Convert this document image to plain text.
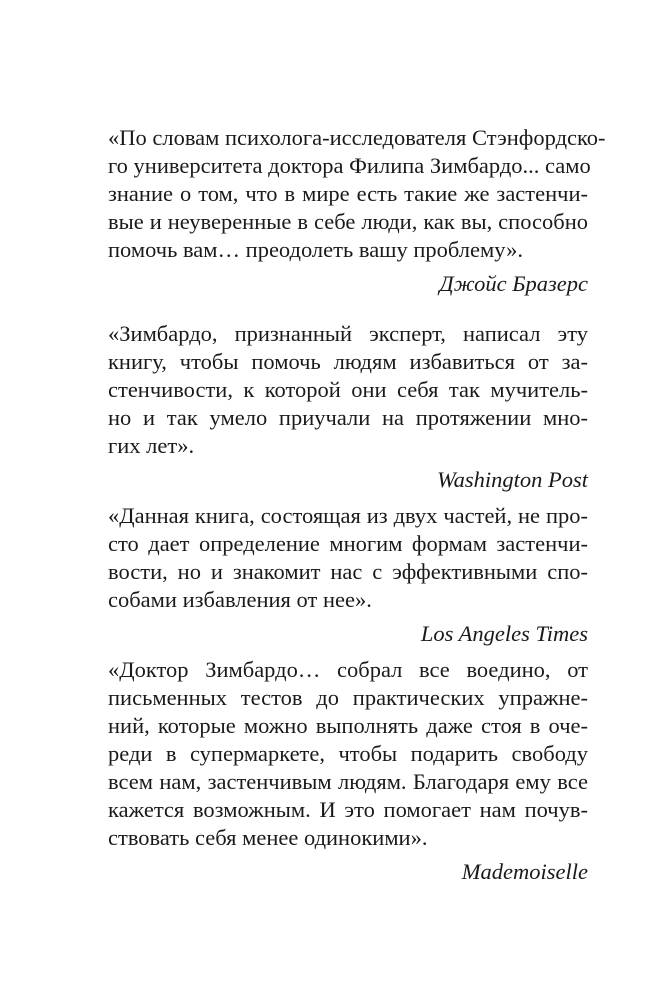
«По словам психолога-исследователя Стэнфордско-
го университета доктора Филипа Зимбардо... само
знание о том, что в мире есть такие же застенчи-
вые и неуверенные в себе люди, как вы, способно
помочь вам… преодолеть вашу проблему».

Джойс Бразерс

«Зимбардо, признанный эксперт, написал эту
книгу, чтобы помочь людям избавиться от за-
стенчивости, к которой они себя так мучитель-
но и так умело приучали на протяжении мно-
гих лет».

Washington Post

«Данная книга, состоящая из двух частей, не про-
сто дает определение многим формам застенчи-
вости, но и знакомит нас с эффективными спо-
собами избавления от нее».

Los Angeles Times

«Доктор Зимбардо… собрал все воедино, от
письменных тестов до практических упражне-
ний, которые можно выполнять даже стоя в оче-
реди в супермаркете, чтобы подарить свободу
всем нам, застенчивым людям. Благодаря ему все
кажется возможным. И это помогает нам почув-
ствовать себя менее одинокими».

Mademoiselle
